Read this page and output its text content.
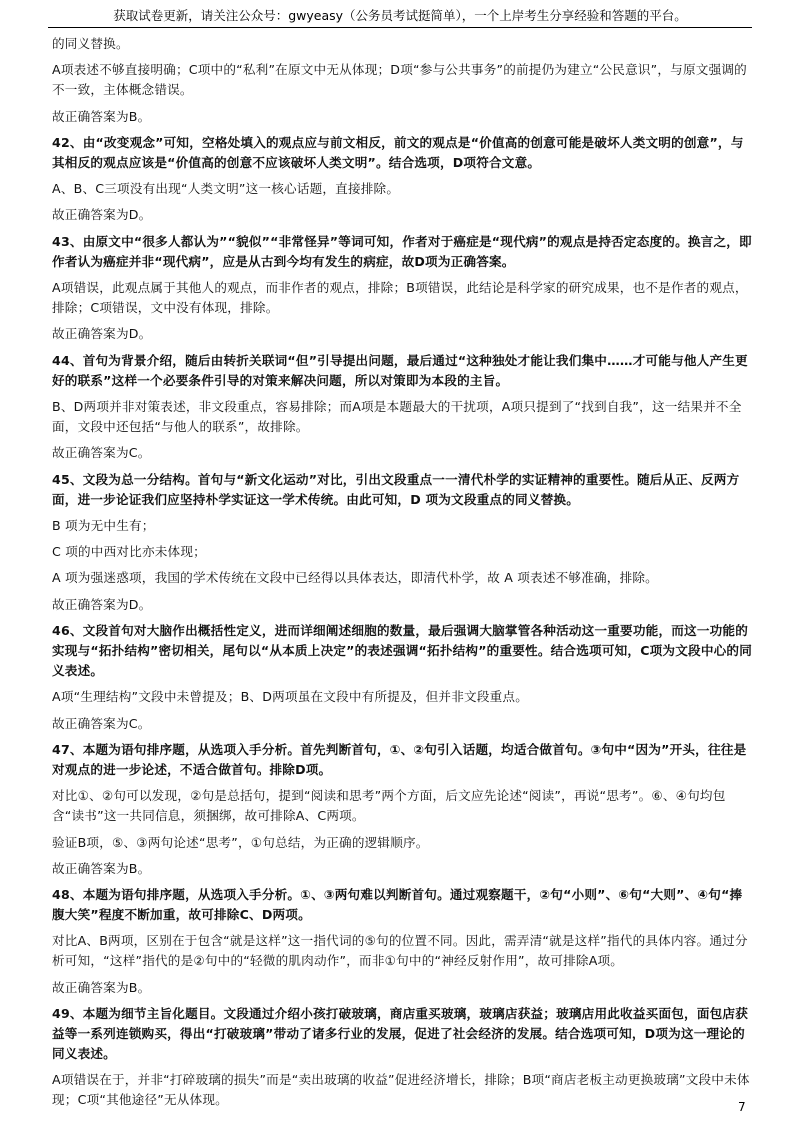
获取试卷更新，请关注公众号：gwyeasy（公务员考试挺简单），一个上岸考生分享经验和答题的平台。

的同义替换。

A项表述不够直接明确；C项中的“私利”在原文中无从体现；D项“参与公共事务”的前提仍为建立“公民意识”，与原文强调的不一致，主体概念错误。

故正确答案为B。

42、由“改变观念”可知，空格处填入的观点应与前文相反，前文的观点是“价值高的创意可能是破坏人类文明的创意”，与其相反的观点应该是“价值高的创意不应该破坏人类文明”。结合选项，D项符合文意。

A、B、C三项没有出现“人类文明”这一核心话题，直接排除。

故正确答案为D。

43、由原文中“很多人都认为”“貌似”“非常怪异”等词可知，作者对于癌症是“现代病”的观点是持否定态度的。换言之，即作者认为癌症并非“现代病”，应是从古到今均有发生的病症，故D项为正确答案。

A项错误，此观点属于其他人的观点，而非作者的观点，排除；B项错误，此结论是科学家的研究成果，也不是作者的观点，排除；C项错误，文中没有体现，排除。

故正确答案为D。

44、首句为背景介绍，随后由转折关联词“但”引导提出问题，最后通过“这种独处才能让我们集中……才可能与他人产生更好的联系”这样一个必要条件引导的对策来解决问题，所以对策即为本段的主旨。

B、D两项并非对策表述，非文段重点，容易排除；而A项是本题最大的干扰项，A项只提到了“找到自我”，这一结果并不全面，文段中还包括“与他人的联系”，故排除。

故正确答案为C。

45、文段为总一分结构。首句与“新文化运动”对比，引出文段重点一一清代朴学的实证精神的重要性。随后从正、反两方面，进一步论证我们应坚持朴学实证这一学术传统。由此可知，D 项为文段重点的同义替换。

B 项为无中生有；

C 项的中西对比亦未体现；

A 项为强迷惑项，我国的学术传统在文段中已经得以具体表达，即清代朴学，故 A 项表述不够准确，排除。

故正确答案为D。

46、文段首句对大脑作出概括性定义，进而详细阐述细胞的数量，最后强调大脑掌管各种活动这一重要功能，而这一功能的实现与“拓扑结构”密切相关，尾句以“从本质上决定”的表述强调“拓扑结构”的重要性。结合选项可知，C项为文段中心的同义表述。

A项“生理结构”文段中未曾提及；B、D两项虽在文段中有所提及，但并非文段重点。

故正确答案为C。

47、本题为语句排序题，从选项入手分析。首先判断首句，①、②句引入话题，均适合做首句。③句中“因为”开头，往往是对观点的进一步论述，不适合做首句。排除D项。

对比①、②句可以发现，②句是总括句，提到“阅读和思考”两个方面，后文应先论述“阅读”，再说“思考”。⑥、④句均包含“读书”这一共同信息，须捆绑，故可排除A、C两项。

验证B项，⑤、③两句论述“思考”，①句总结，为正确的逻辑顺序。

故正确答案为B。

48、本题为语句排序题，从选项入手分析。①、③两句难以判断首句。通过观察题干，②句“小则”、⑥句“大则”、④句“捧腹大笑”程度不断加重，故可排除C、D两项。

对比A、B两项，区别在于包含“就是这样”这一指代词的⑤句的位置不同。因此，需弄清“就是这样”指代的具体内容。通过分析可知，“这样”指代的是②句中的“轻微的肌肉动作”，而非①句中的“神经反射作用”，故可排除A项。

故正确答案为B。

49、本题为细节主旨化题目。文段通过介绍小孩打破玻璃，商店重买玻璃，玻璃店获益；玻璃店用此收益买面包，面包店获益等一系列连锁购买，得出“打破玻璃”带动了诸多行业的发展，促进了社会经济的发展。结合选项可知，D项为这一理论的同义表述。

A项错误在于，并非“打碎玻璃的损失”而是“卖出玻璃的收益”促进经济增长，排除；B项“商店老板主动更换玻璃”文段中未体现；C项“其他途径”无从体现。	7
